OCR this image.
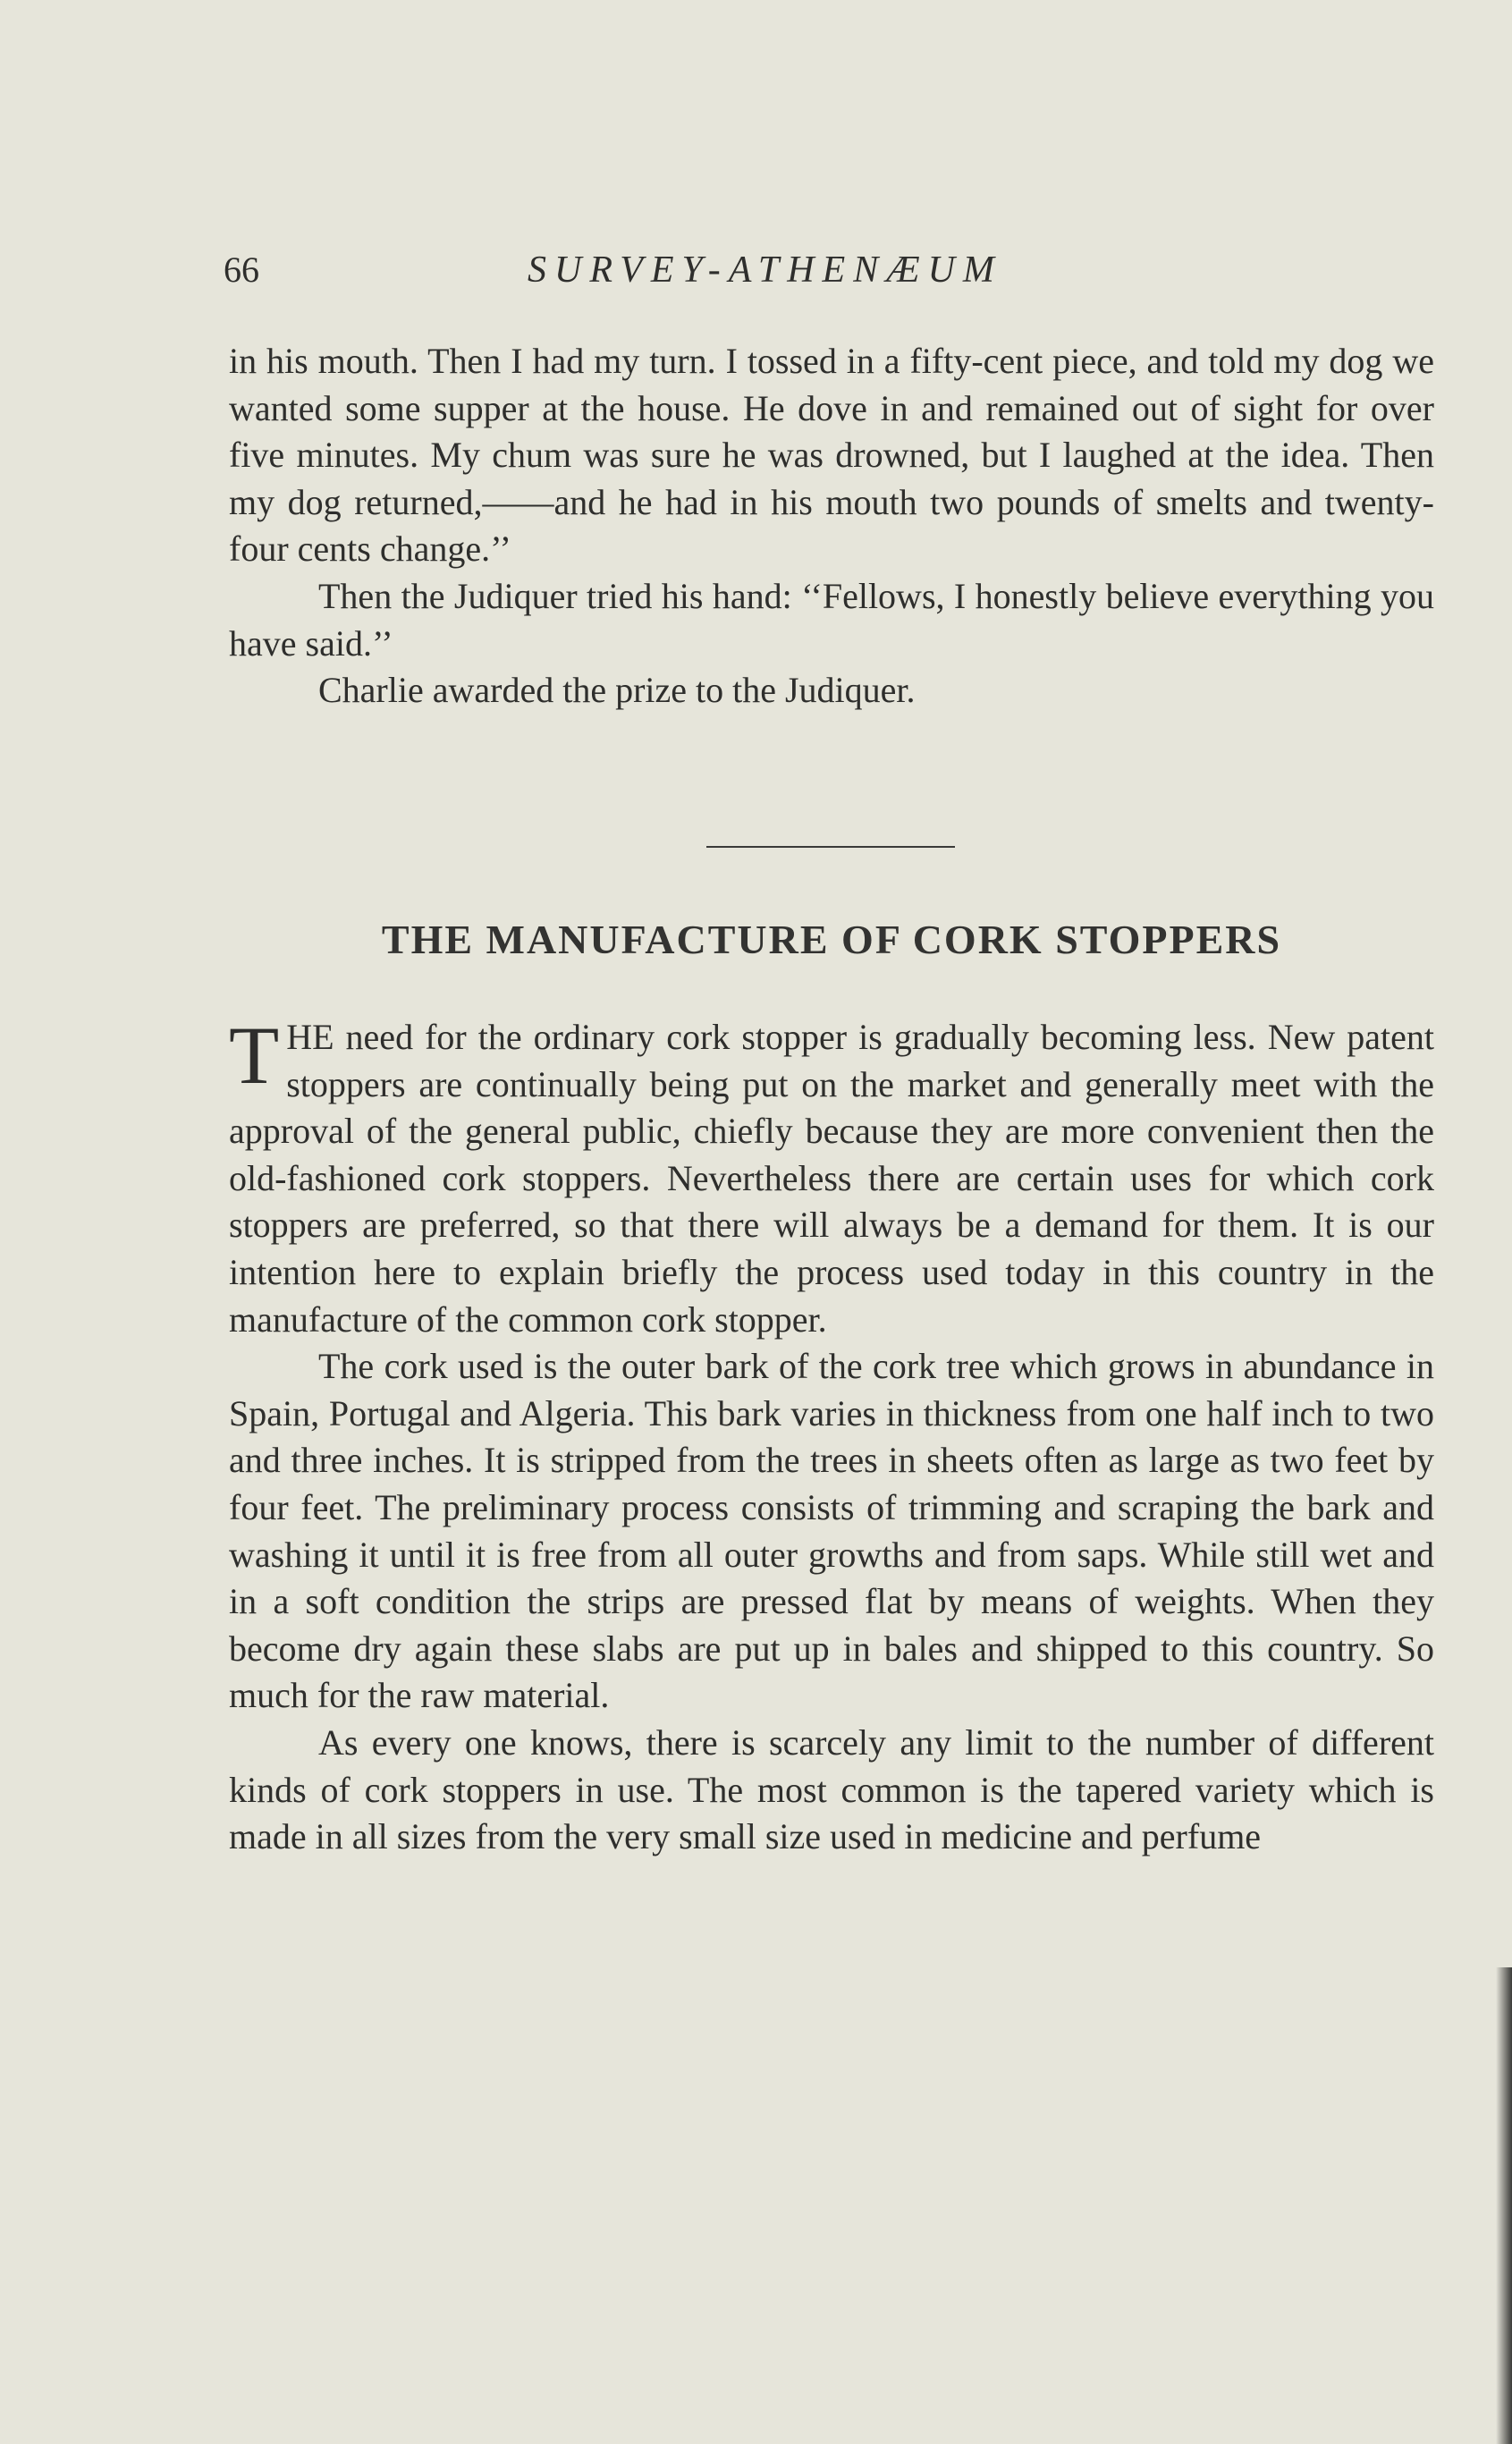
66	SURVEY-ATHENÆUM

in his mouth. Then I had my turn. I tossed in a fifty-cent piece, and told my dog we wanted some supper at the house. He dove in and remained out of sight for over five minutes. My chum was sure he was drowned, but I laughed at the idea. Then my dog returned,——and he had in his mouth two pounds of smelts and twenty-four cents change.’’

Then the Judiquer tried his hand: ‘‘Fellows, I honestly believe everything you have said.’’

Charlie awarded the prize to the Judiquer.

THE MANUFACTURE OF CORK STOPPERS

THE need for the ordinary cork stopper is gradually becoming less. New patent stoppers are continually being put on the market and generally meet with the approval of the general public, chiefly because they are more convenient then the old-fashioned cork stoppers. Nevertheless there are certain uses for which cork stoppers are preferred, so that there will always be a demand for them. It is our intention here to explain briefly the process used today in this country in the manufacture of the common cork stopper.

The cork used is the outer bark of the cork tree which grows in abundance in Spain, Portugal and Algeria. This bark varies in thickness from one half inch to two and three inches. It is stripped from the trees in sheets often as large as two feet by four feet. The preliminary process consists of trimming and scraping the bark and washing it until it is free from all outer growths and from saps. While still wet and in a soft condition the strips are pressed flat by means of weights. When they become dry again these slabs are put up in bales and shipped to this country. So much for the raw material.

As every one knows, there is scarcely any limit to the number of different kinds of cork stoppers in use. The most common is the tapered variety which is made in all sizes from the very small size used in medicine and perfume
